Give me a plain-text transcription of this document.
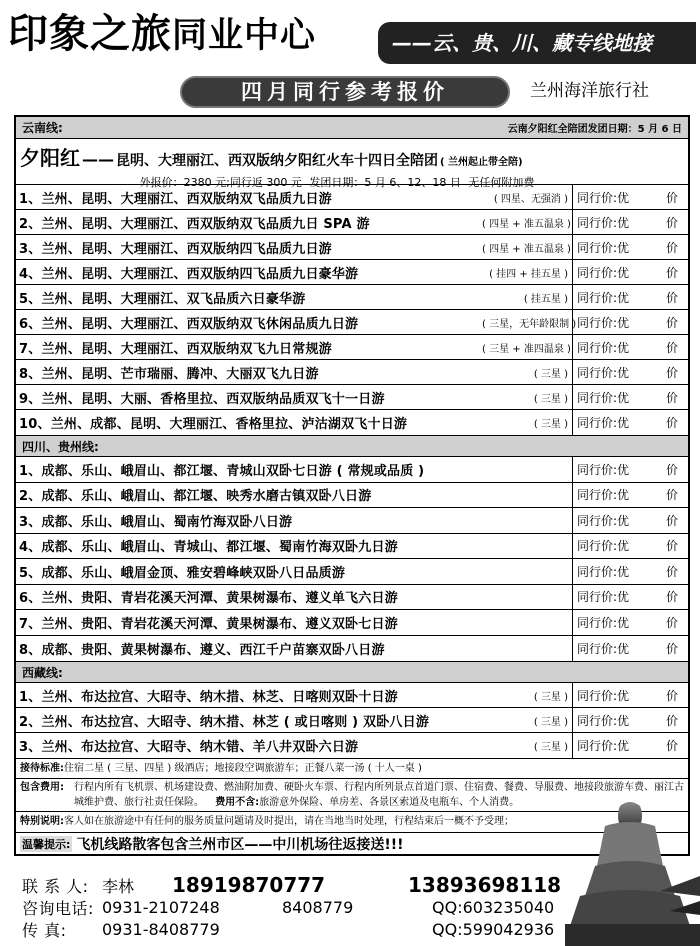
印象之旅同业中心	——云、贵、川、藏专线地接
四月同行参考报价	兰州海洋旅行社
云南线:	云南夕阳红全陪团发团日期：5 月 6 日
夕阳红 —— 昆明、大理丽江、西双版纳夕阳红火车十四日全陪团 ( 兰州起止带全陪)
外报价：2380 元;同行返 300 元 发团日期：5 月 6、12、18 日 无任何附加费
1、兰州、昆明、大理丽江、西双版纳双飞品质九日游	( 四星、无强消 ) 同行价:优	价
2、兰州、昆明、大理丽江、西双版纳双飞品质九日 SPA 游	( 四星 + 准五温泉 ) 同行价:优	价
3、兰州、昆明、大理丽江、西双版纳四飞品质九日游	( 四星 + 准五温泉 ) 同行价:优	价
4、兰州、昆明、大理丽江、西双版纳四飞品质九日豪华游	( 挂四 + 挂五星 ) 同行价:优	价
5、兰州、昆明、大理丽江、双飞品质六日豪华游	( 挂五星 ) 同行价:优	价
6、兰州、昆明、大理丽江、西双版纳双飞休闲品质九日游	( 三星，无年龄限制 ) 同行价:优	价
7、兰州、昆明、大理丽江、西双版纳双飞九日常规游	( 三星 + 准四温泉 ) 同行价:优	价
8、兰州、昆明、芒市瑞丽、腾冲、大丽双飞九日游	( 三星 ) 同行价:优	价
9、兰州、昆明、大丽、香格里拉、西双版纳品质双飞十一日游	( 三星 ) 同行价:优	价
10、兰州、成都、昆明、大理丽江、香格里拉、泸沽湖双飞十日游	( 三星 ) 同行价:优	价
四川、贵州线:
1、成都、乐山、峨眉山、都江堰、青城山双卧七日游 ( 常规或品质 )	同行价:优	价
2、成都、乐山、峨眉山、都江堰、映秀水磨古镇双卧八日游	同行价:优	价
3、成都、乐山、峨眉山、蜀南竹海双卧八日游	同行价:优	价
4、成都、乐山、峨眉山、青城山、都江堰、蜀南竹海双卧九日游	同行价:优	价
5、成都、乐山、峨眉金顶、雅安碧峰峡双卧八日品质游	同行价:优	价
6、兰州、贵阳、青岩花溪天河潭、黄果树瀑布、遵义单飞六日游	同行价:优	价
7、兰州、贵阳、青岩花溪天河潭、黄果树瀑布、遵义双卧七日游	同行价:优	价
8、成都、贵阳、黄果树瀑布、遵义、西江千户苗寨双卧八日游	同行价:优	价
西藏线:
1、兰州、布达拉宫、大昭寺、纳木措、林芝、日喀则双卧十日游	( 三星 ) 同行价:优	价
2、兰州、布达拉宫、大昭寺、纳木措、林芝 ( 或日喀则 ) 双卧八日游	( 三星 ) 同行价:优	价
3、兰州、布达拉宫、大昭寺、纳木错、羊八井双卧六日游	( 三星 ) 同行价:优	价
接待标准:住宿二星 ( 三星、四星 ) 级酒店；地接段空调旅游车；正餐八菜一汤 ( 十人一桌 )
包含费用:	行程内所有飞机票、机场建设费、燃油附加费、硬卧火车票、行程内所列景点首道门票、住宿费、餐费、导服费、地接段旅游车费、丽江古城维护费、旅行社责任保险。 费用不含:旅游意外保险、单房差、各景区索道及电瓶车、个人消费。
特别说明:客人如在旅游途中有任何的服务质量问题请及时提出，请在当地当时处理，行程结束后一概不予受理；
温馨提示: 飞机线路散客包含兰州市区——中川机场往返接送!!!
联 系 人: 李林	18919870777	13893698118
咨询电话: 0931-2107248	8408779	QQ:603235040
传 真:	0931-8408779	QQ:599042936
